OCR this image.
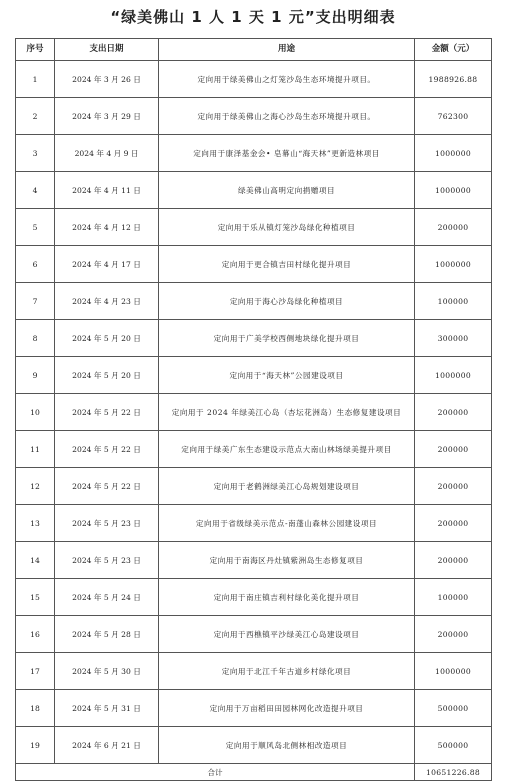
“绿美佛山 1 人 1 天 1 元”支出明细表
序号	支出日期	用途	金额（元）
1	2024 年 3 月 26 日	定向用于绿美佛山之灯笼沙岛生态环境提升项目。	1988926.88
2	2024 年 3 月 29 日	定向用于绿美佛山之海心沙岛生态环境提升项目。	762300
3	2024 年 4 月 9 日	定向用于康泽基金会• 皂幕山“海天林”更新造林项目	1000000
4	2024 年 4 月 11 日	绿美佛山高明定向捐赠项目	1000000
5	2024 年 4 月 12 日	定向用于乐从镇灯笼沙岛绿化种植项目	200000
6	2024 年 4 月 17 日	定向用于更合镇吉田村绿化提升项目	1000000
7	2024 年 4 月 23 日	定向用于海心沙岛绿化种植项目	100000
8	2024 年 5 月 20 日	定向用于广美学校西侧地块绿化提升项目	300000
9	2024 年 5 月 20 日	定向用于“海天林”公园建设项目	1000000
10	2024 年 5 月 22 日	定向用于 2024 年绿美江心岛（杏坛花洲岛）生态修复建设项目	200000
11	2024 年 5 月 22 日	定向用于绿美广东生态建设示范点大南山林场绿美提升项目	200000
12	2024 年 5 月 22 日	定向用于老鹤洲绿美江心岛规划建设项目	200000
13	2024 年 5 月 23 日	定向用于省级绿美示范点-南蓬山森林公园建设项目	200000
14	2024 年 5 月 23 日	定向用于南海区丹灶镇紫洲岛生态修复项目	200000
15	2024 年 5 月 24 日	定向用于南庄镇吉利村绿化美化提升项目	100000
16	2024 年 5 月 28 日	定向用于西樵镇平沙绿美江心岛建设项目	200000
17	2024 年 5 月 30 日	定向用于北江千年古道乡村绿化项目	1000000
18	2024 年 5 月 31 日	定向用于万亩稻田田园林网化改造提升项目	500000
19	2024 年 6 月 21 日	定向用于顺风岛北侧林相改造项目	500000
合计			10651226.88
